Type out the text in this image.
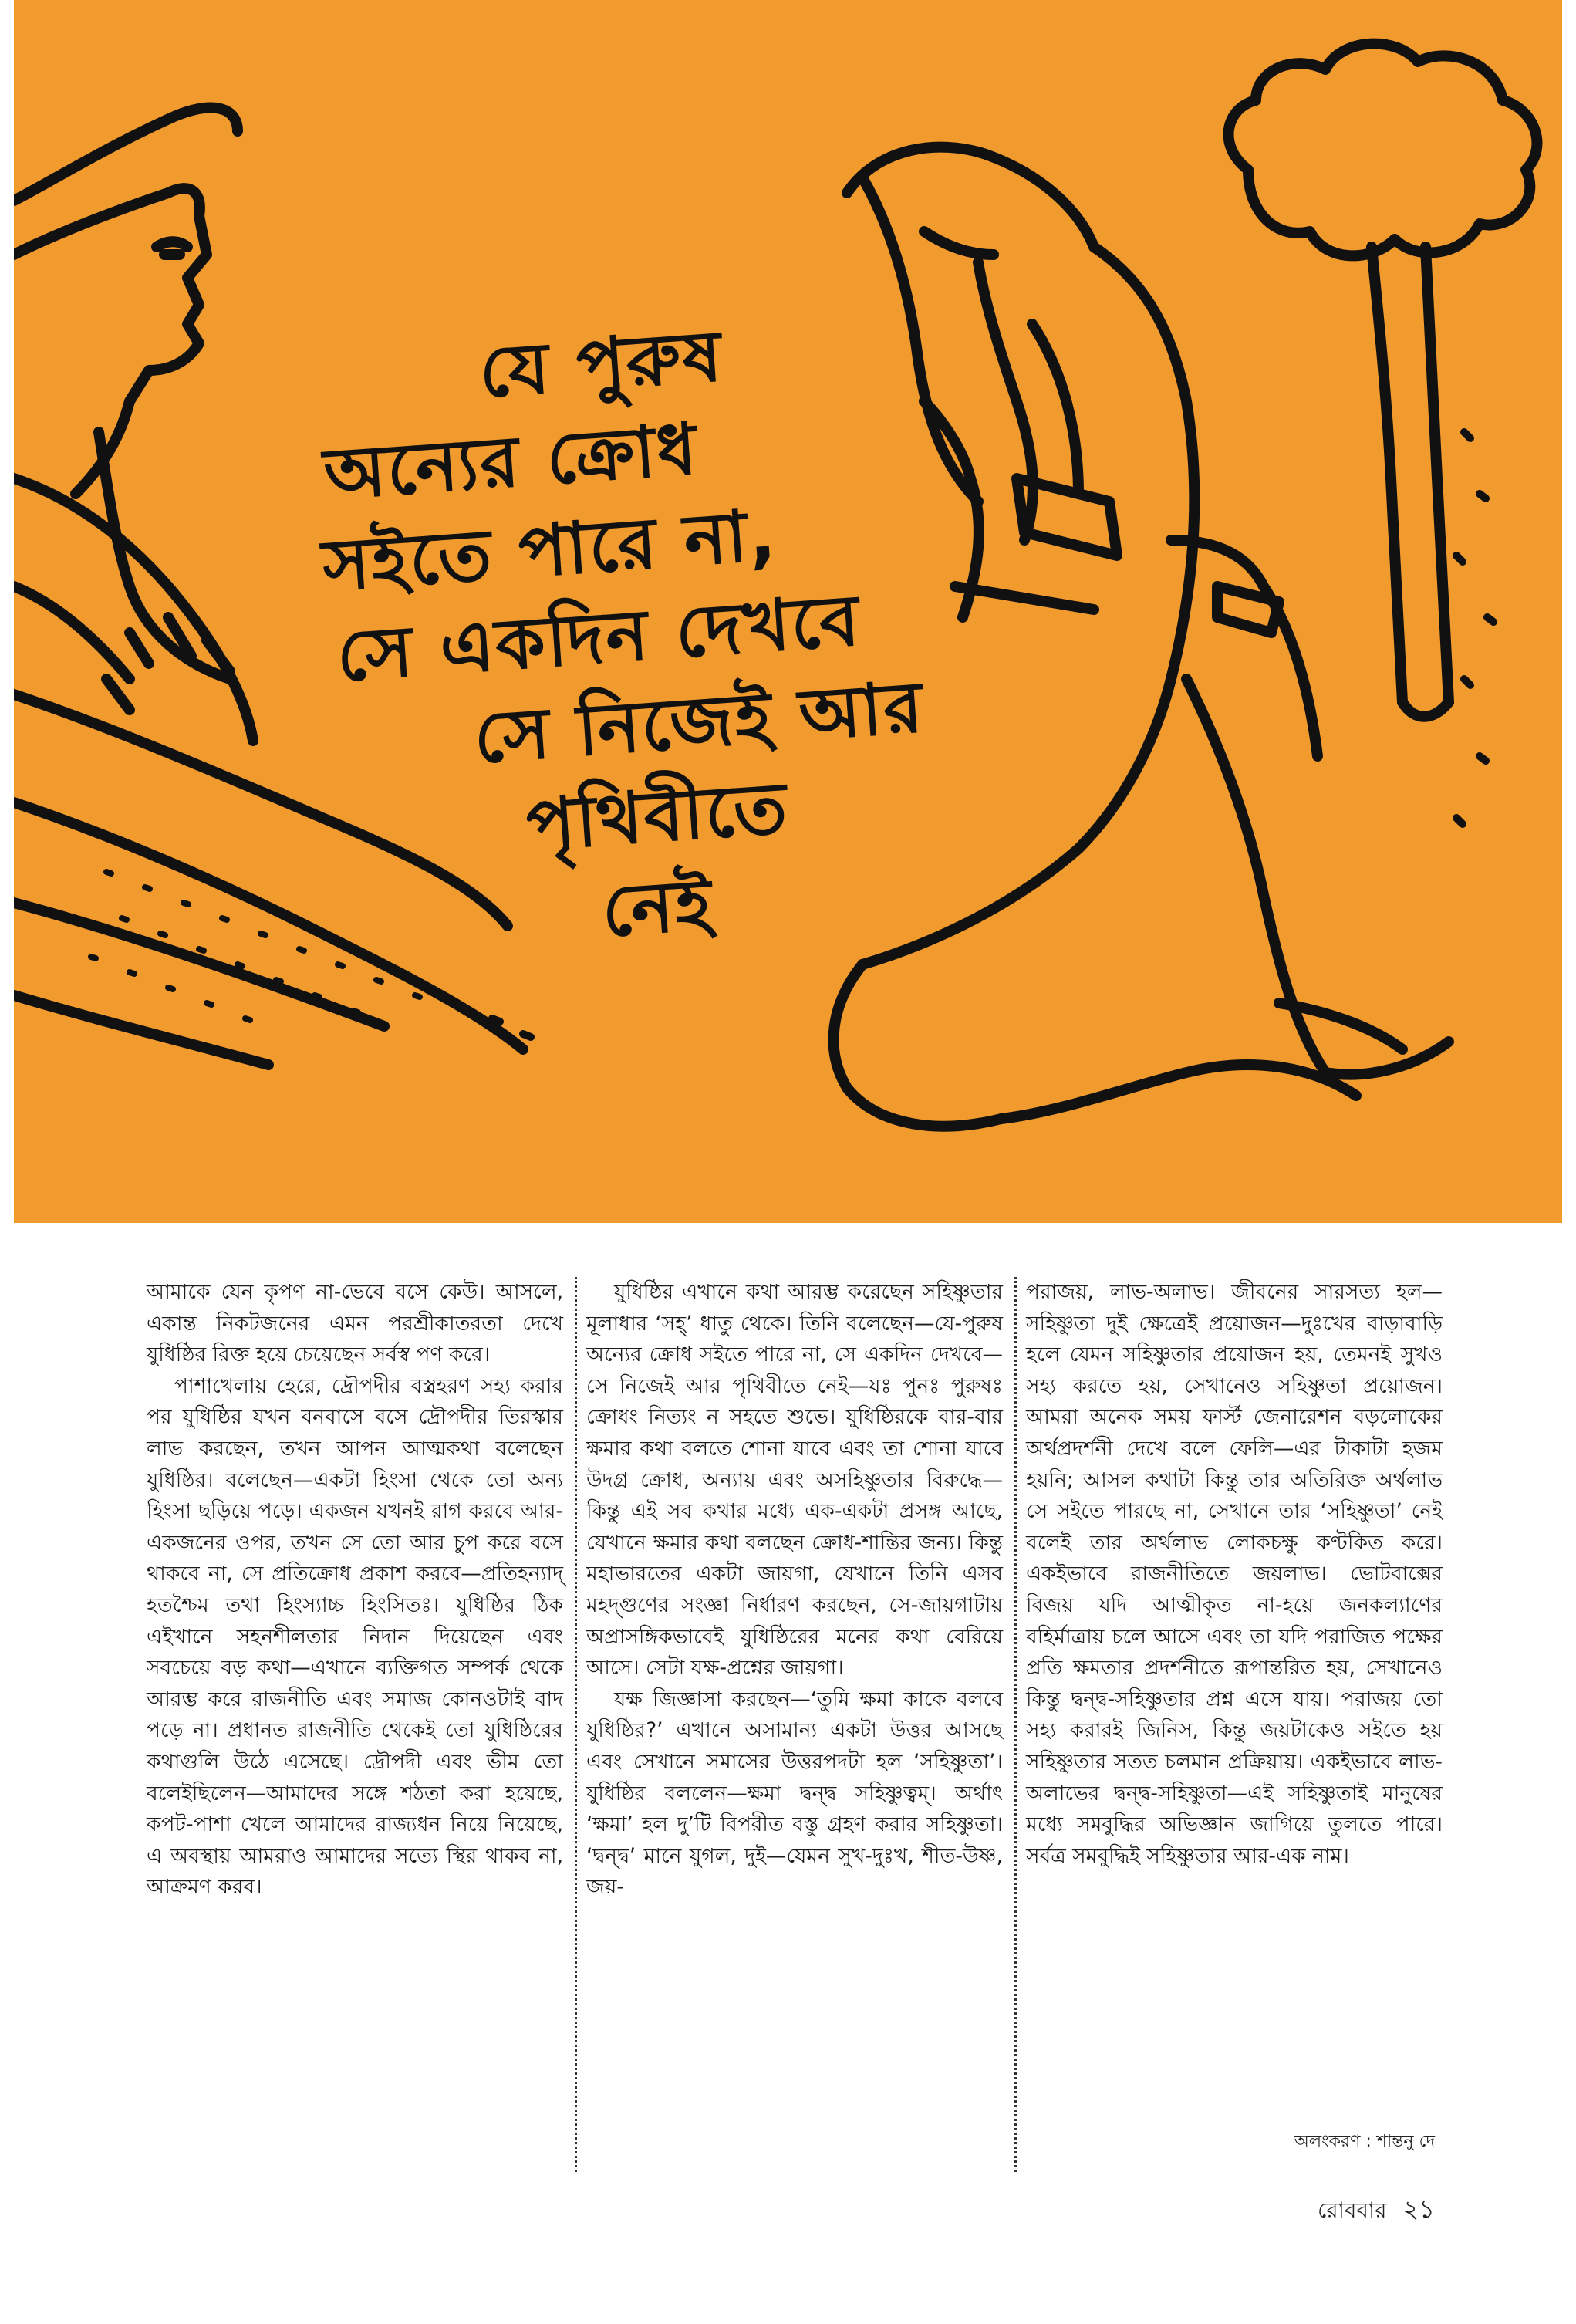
যে পুরুষ
অন্যের ক্রোধ
সইতে পারে না,
সে একদিন দেখবে
সে নিজেই আর
পৃথিবীতে
নেই

আমাকে যেন কৃপণ না-ভেবে বসে কেউ। আসলে, একান্ত নিকটজনের এমন পরশ্রীকাতরতা দেখে যুধিষ্ঠির রিক্ত হয়ে চেয়েছেন সর্বস্ব পণ করে।

পাশাখেলায় হেরে, দ্রৌপদীর বস্ত্রহরণ সহ্য করার পর যুধিষ্ঠির যখন বনবাসে বসে দ্রৌপদীর তিরস্কার লাভ করছেন, তখন আপন আত্মকথা বলেছেন যুধিষ্ঠির। বলেছেন—একটা হিংসা থেকে তো অন্য হিংসা ছড়িয়ে পড়ে। একজন যখনই রাগ করবে আর-একজনের ওপর, তখন সে তো আর চুপ করে বসে থাকবে না, সে প্রতিক্রোধ প্রকাশ করবে—প্রতিহন্যাদ্ হতশ্চৈম তথা হিংস্যাচ্চ হিংসিতঃ। যুধিষ্ঠির ঠিক এইখানে সহনশীলতার নিদান দিয়েছেন এবং সবচেয়ে বড় কথা—এখানে ব্যক্তিগত সম্পর্ক থেকে আরম্ভ করে রাজনীতি এবং সমাজ কোনওটাই বাদ পড়ে না। প্রধানত রাজনীতি থেকেই তো যুধিষ্ঠিরের কথাগুলি উঠে এসেছে। দ্রৌপদী এবং ভীম তো বলেইছিলেন—আমাদের সঙ্গে শঠতা করা হয়েছে, কপট-পাশা খেলে আমাদের রাজ্যধন নিয়ে নিয়েছে, এ অবস্থায় আমরাও আমাদের সত্যে স্থির থাকব না, আক্রমণ করব।

যুধিষ্ঠির এখানে কথা আরম্ভ করেছেন সহিষ্ণুতার মূলাধার ‘সহ্’ ধাতু থেকে। তিনি বলেছেন—যে-পুরুষ অন্যের ক্রোধ সইতে পারে না, সে একদিন দেখবে—সে নিজেই আর পৃথিবীতে নেই—যঃ পুনঃ পুরুষঃ ক্রোধং নিত্যং ন সহতে শুভে। যুধিষ্ঠিরকে বার-বার ক্ষমার কথা বলতে শোনা যাবে এবং তা শোনা যাবে উদগ্র ক্রোধ, অন্যায় এবং অসহিষ্ণুতার বিরুদ্ধে—কিন্তু এই সব কথার মধ্যে এক-একটা প্রসঙ্গ আছে, যেখানে ক্ষমার কথা বলছেন ক্রোধ-শান্তির জন্য। কিন্তু মহাভারতের একটা জায়গা, যেখানে তিনি এসব মহদ্‌গুণের সংজ্ঞা নির্ধারণ করছেন, সে-জায়গাটায় অপ্রাসঙ্গিকভাবেই যুধিষ্ঠিরের মনের কথা বেরিয়ে আসে। সেটা যক্ষ-প্রশ্নের জায়গা।

যক্ষ জিজ্ঞাসা করছেন—‘তুমি ক্ষমা কাকে বলবে যুধিষ্ঠির?’ এখানে অসামান্য একটা উত্তর আসছে এবং সেখানে সমাসের উত্তরপদটা হল ‘সহিষ্ণুতা’। যুধিষ্ঠির বললেন—ক্ষমা দ্বন্দ্ব সহিষ্ণুত্বম্। অর্থাৎ ‘ক্ষমা’ হল দু’টি বিপরীত বস্তু গ্রহণ করার সহিষ্ণুতা। ‘দ্বন্দ্ব’ মানে যুগল, দুই—যেমন সুখ-দুঃখ, শীত-উষ্ণ, জয়-

পরাজয়, লাভ-অলাভ। জীবনের সারসত্য হল—সহিষ্ণুতা দুই ক্ষেত্রেই প্রয়োজন—দুঃখের বাড়াবাড়ি হলে যেমন সহিষ্ণুতার প্রয়োজন হয়, তেমনই সুখও সহ্য করতে হয়, সেখানেও সহিষ্ণুতা প্রয়োজন। আমরা অনেক সময় ফার্স্ট জেনারেশন বড়লোকের অর্থপ্রদর্শনী দেখে বলে ফেলি—এর টাকাটা হজম হয়নি; আসল কথাটা কিন্তু তার অতিরিক্ত অর্থলাভ সে সইতে পারছে না, সেখানে তার ‘সহিষ্ণুতা’ নেই বলেই তার অর্থলাভ লোকচক্ষু কণ্টকিত করে। একইভাবে রাজনীতিতে জয়লাভ। ভোটবাক্সের বিজয় যদি আত্মীকৃত না-হয়ে জনকল্যাণের বহির্মাত্রায় চলে আসে এবং তা যদি পরাজিত পক্ষের প্রতি ক্ষমতার প্রদর্শনীতে রূপান্তরিত হয়, সেখানেও কিন্তু দ্বন্দ্ব-সহিষ্ণুতার প্রশ্ন এসে যায়। পরাজয় তো সহ্য করারই জিনিস, কিন্তু জয়টাকেও সইতে হয় সহিষ্ণুতার সতত চলমান প্রক্রিয়ায়। একইভাবে লাভ-অলাভের দ্বন্দ্ব-সহিষ্ণুতা—এই সহিষ্ণুতাই মানুষের মধ্যে সমবুদ্ধির অভিজ্ঞান জাগিয়ে তুলতে পারে। সর্বত্র সমবুদ্ধিই সহিষ্ণুতার আর-এক নাম।

অলংকরণ : শান্তনু দে
রোববার ২১
